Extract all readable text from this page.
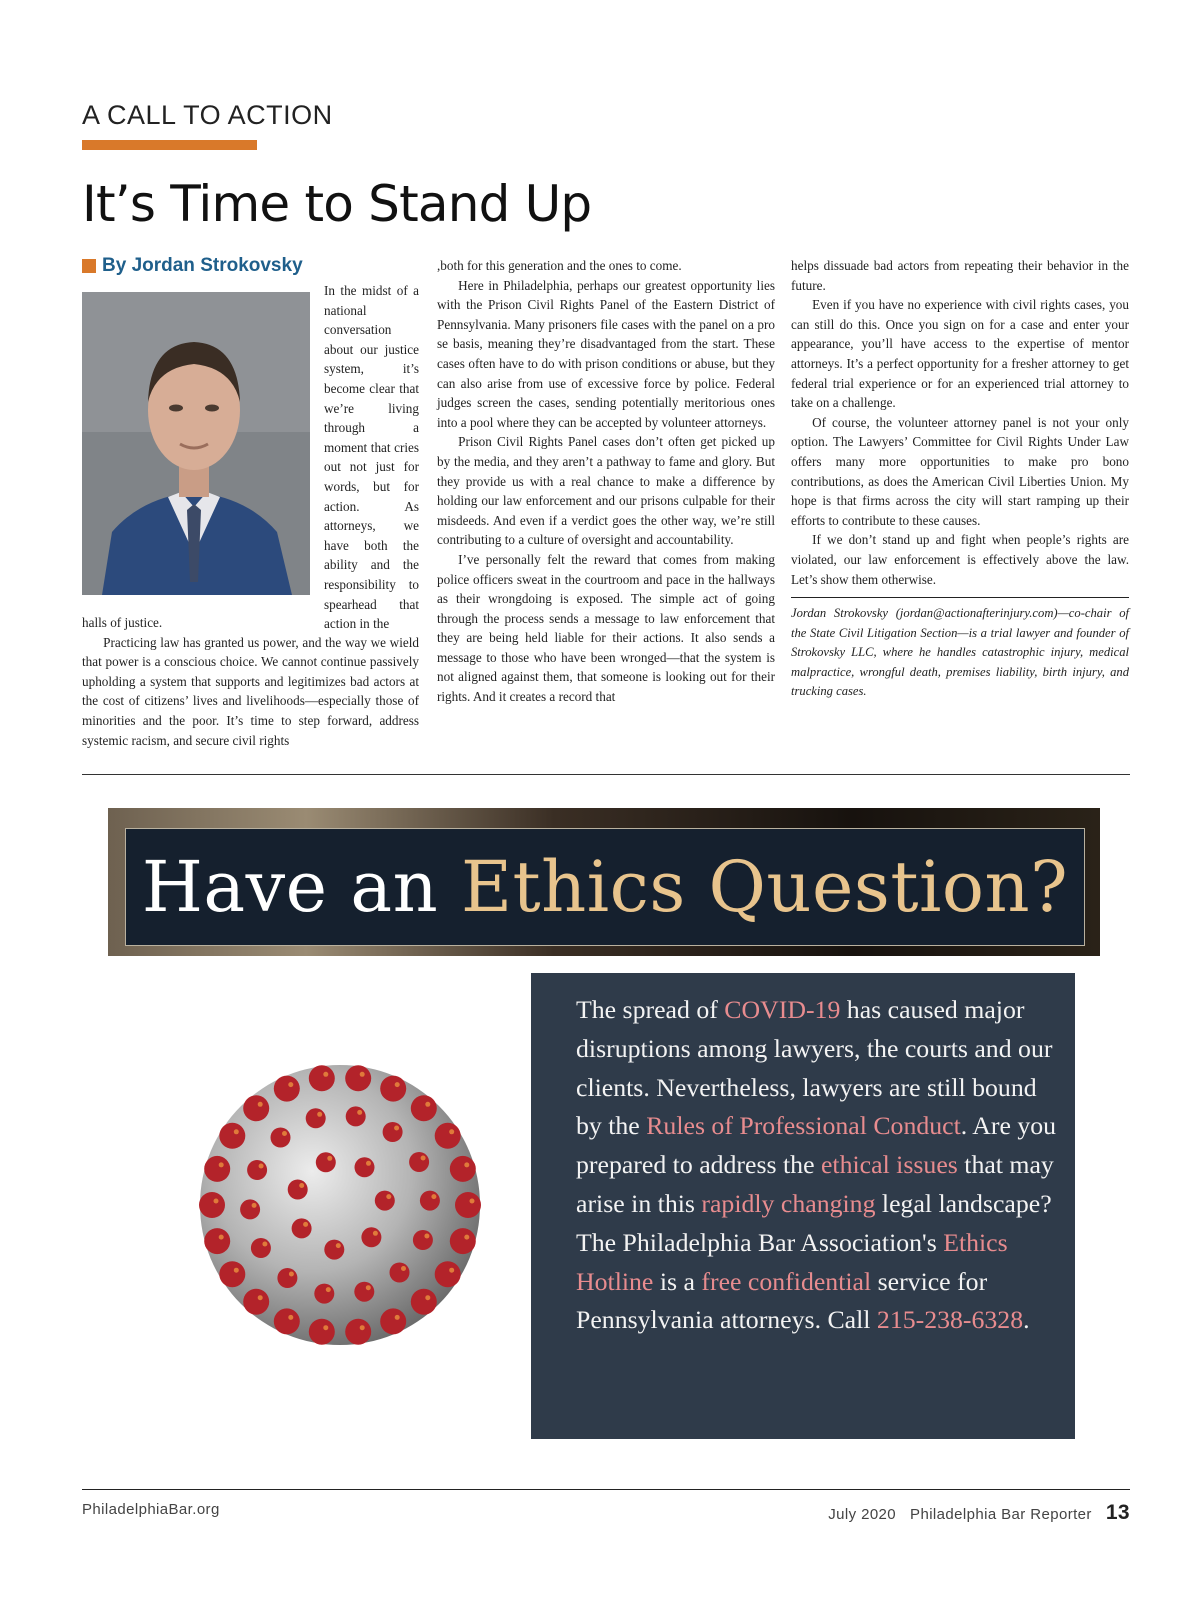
A CALL TO ACTION
It’s Time to Stand Up
By Jordan Strokovsky

In the midst of a national conversation about our justice system, it’s become clear that we’re living through a moment that cries out not just for words, but for action. As attorneys, we have both the ability and the responsibility to spearhead that action in the

halls of justice.

Practicing law has granted us power, and the way we wield that power is a conscious choice. We cannot continue passively upholding a system that supports and legitimizes bad actors at the cost of citizens’ lives and livelihoods—especially those of minorities and the poor. It’s time to step forward, address systemic racism, and secure civil rights

,both for this generation and the ones to come.

Here in Philadelphia, perhaps our greatest opportunity lies with the Prison Civil Rights Panel of the Eastern District of Pennsylvania. Many prisoners file cases with the panel on a pro se basis, meaning they’re disadvantaged from the start. These cases often have to do with prison conditions or abuse, but they can also arise from use of excessive force by police. Federal judges screen the cases, sending potentially meritorious ones into a pool where they can be accepted by volunteer attorneys.

Prison Civil Rights Panel cases don’t often get picked up by the media, and they aren’t a pathway to fame and glory. But they provide us with a real chance to make a difference by holding our law enforcement and our prisons culpable for their misdeeds. And even if a verdict goes the other way, we’re still contributing to a culture of oversight and accountability.

I’ve personally felt the reward that comes from making police officers sweat in the courtroom and pace in the hallways as their wrongdoing is exposed. The simple act of going through the process sends a message to law enforcement that they are being held liable for their actions. It also sends a message to those who have been wronged—that the system is not aligned against them, that someone is looking out for their rights. And it creates a record that

helps dissuade bad actors from repeating their behavior in the future.

Even if you have no experience with civil rights cases, you can still do this. Once you sign on for a case and enter your appearance, you’ll have access to the expertise of mentor attorneys. It’s a perfect opportunity for a fresher attorney to get federal trial experience or for an experienced trial attorney to take on a challenge.

Of course, the volunteer attorney panel is not your only option. The Lawyers’ Committee for Civil Rights Under Law offers many more opportunities to make pro bono contributions, as does the American Civil Liberties Union. My hope is that firms across the city will start ramping up their efforts to contribute to these causes.

If we don’t stand up and fight when people’s rights are violated, our law enforcement is effectively above the law. Let’s show them otherwise.

Jordan Strokovsky (jordan@actionafterinjury.com)—co-chair of the State Civil Litigation Section—is a trial lawyer and founder of Strokovsky LLC, where he handles catastrophic injury, medical malpractice, wrongful death, premises liability, birth injury, and trucking cases.
Have an Ethics Question?
The spread of COVID-19 has caused major disruptions among lawyers, the courts and our clients. Nevertheless, lawyers are still bound by the Rules of Professional Conduct. Are you prepared to address the ethical issues that may arise in this rapidly changing legal landscape? The Philadelphia Bar Association's Ethics Hotline is a free confidential service for Pennsylvania attorneys. Call 215-238-6328.
PhiladelphiaBar.org	July 2020 Philadelphia Bar Reporter 13
